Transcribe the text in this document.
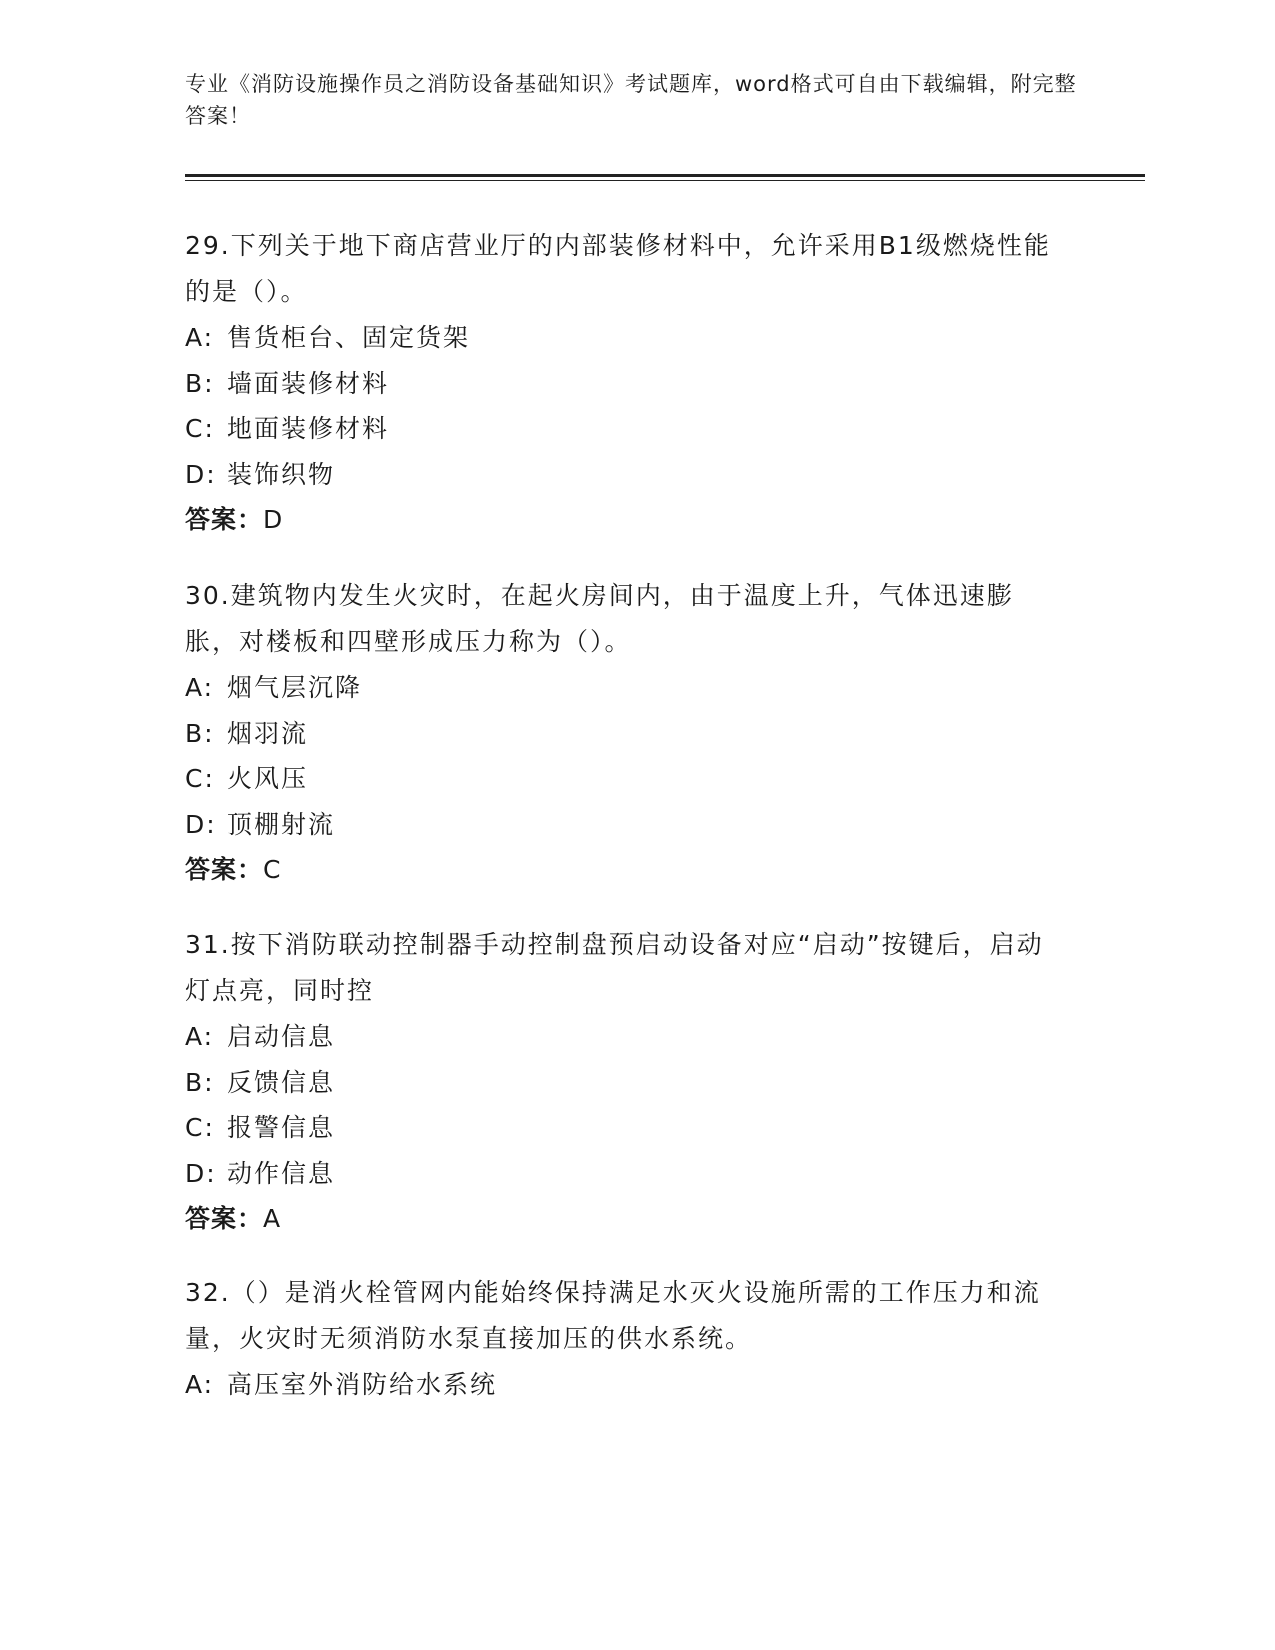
专业《消防设施操作员之消防设备基础知识》考试题库，word格式可自由下载编辑，附完整答案！

29.下列关于地下商店营业厅的内部装修材料中，允许采用B1级燃烧性能的是（）。

A: 售货柜台、固定货架

B: 墙面装修材料

C: 地面装修材料

D: 装饰织物

答案：D

30.建筑物内发生火灾时，在起火房间内，由于温度上升，气体迅速膨胀，对楼板和四壁形成压力称为（）。

A: 烟气层沉降

B: 烟羽流

C: 火风压

D: 顶棚射流

答案：C

31.按下消防联动控制器手动控制盘预启动设备对应“启动”按键后，启动灯点亮，同时控

A: 启动信息

B: 反馈信息

C: 报警信息

D: 动作信息

答案：A

32.（）是消火栓管网内能始终保持满足水灭火设施所需的工作压力和流量，火灾时无须消防水泵直接加压的供水系统。

A: 高压室外消防给水系统
